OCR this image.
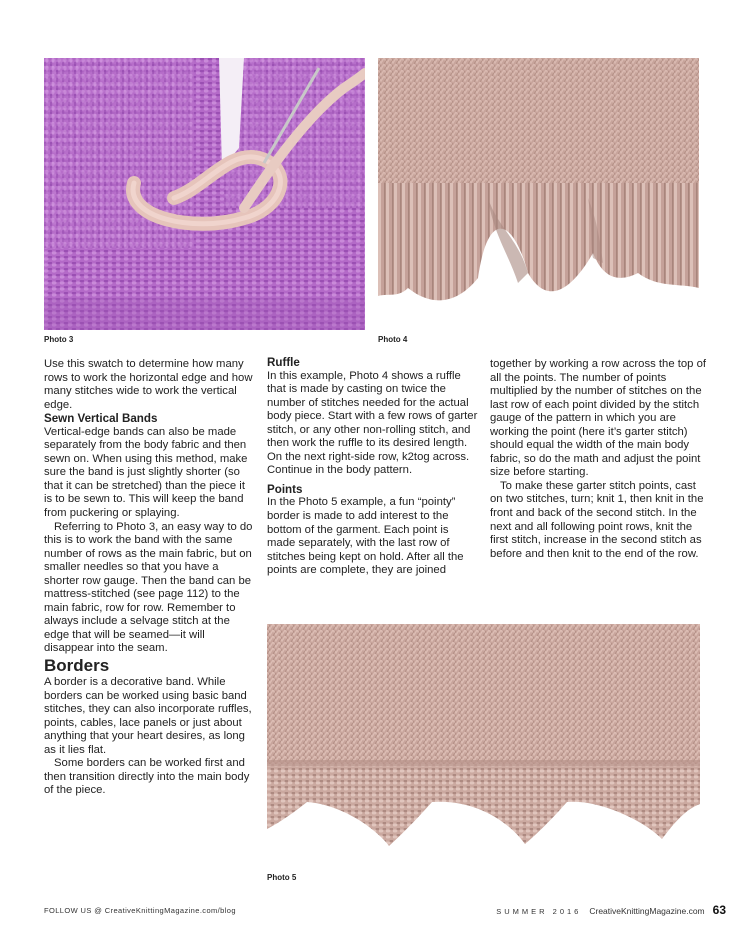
Photo 3	Photo 4

Use this swatch to determine how many rows to work the horizontal edge and how many stitches wide to work the vertical edge.

Sewn Vertical Bands

Vertical-edge bands can also be made separately from the body fabric and then sewn on. When using this method, make sure the band is just slightly shorter (so that it can be stretched) than the piece it is to be sewn to. This will keep the band from puckering or splaying.

Referring to Photo 3, an easy way to do this is to work the band with the same number of rows as the main fabric, but on smaller needles so that you have a shorter row gauge. Then the band can be mattress-stitched (see page 112) to the main fabric, row for row. Remember to always include a selvage stitch at the edge that will be seamed—it will disappear into the seam.

Borders

A border is a decorative band. While borders can be worked using basic band stitches, they can also incorporate ruffles, points, cables, lace panels or just about anything that your heart desires, as long as it lies flat.

Some borders can be worked first and then transition directly into the main body of the piece.

Ruffle

In this example, Photo 4 shows a ruffle that is made by casting on twice the number of stitches needed for the actual body piece. Start with a few rows of garter stitch, or any other non-rolling stitch, and then work the ruffle to its desired length. On the next right-side row, k2tog across. Continue in the body pattern.

Points

In the Photo 5 example, a fun “pointy” border is made to add interest to the bottom of the garment. Each point is made separately, with the last row of stitches being kept on hold. After all the points are complete, they are joined

together by working a row across the top of all the points. The number of points multiplied by the number of stitches on the last row of each point divided by the stitch gauge of the pattern in which you are working the point (here it’s garter stitch) should equal the width of the main body fabric, so do the math and adjust the point size before starting.

To make these garter stitch points, cast on two stitches, turn; knit 1, then knit in the front and back of the second stitch. In the next and all following point rows, knit the first stitch, increase in the second stitch as before and then knit to the end of the row.

Photo 5
FOLLOW US @ CreativeKnittingMagazine.com/blog	SUMMER 2016 CreativeKnittingMagazine.com 63
